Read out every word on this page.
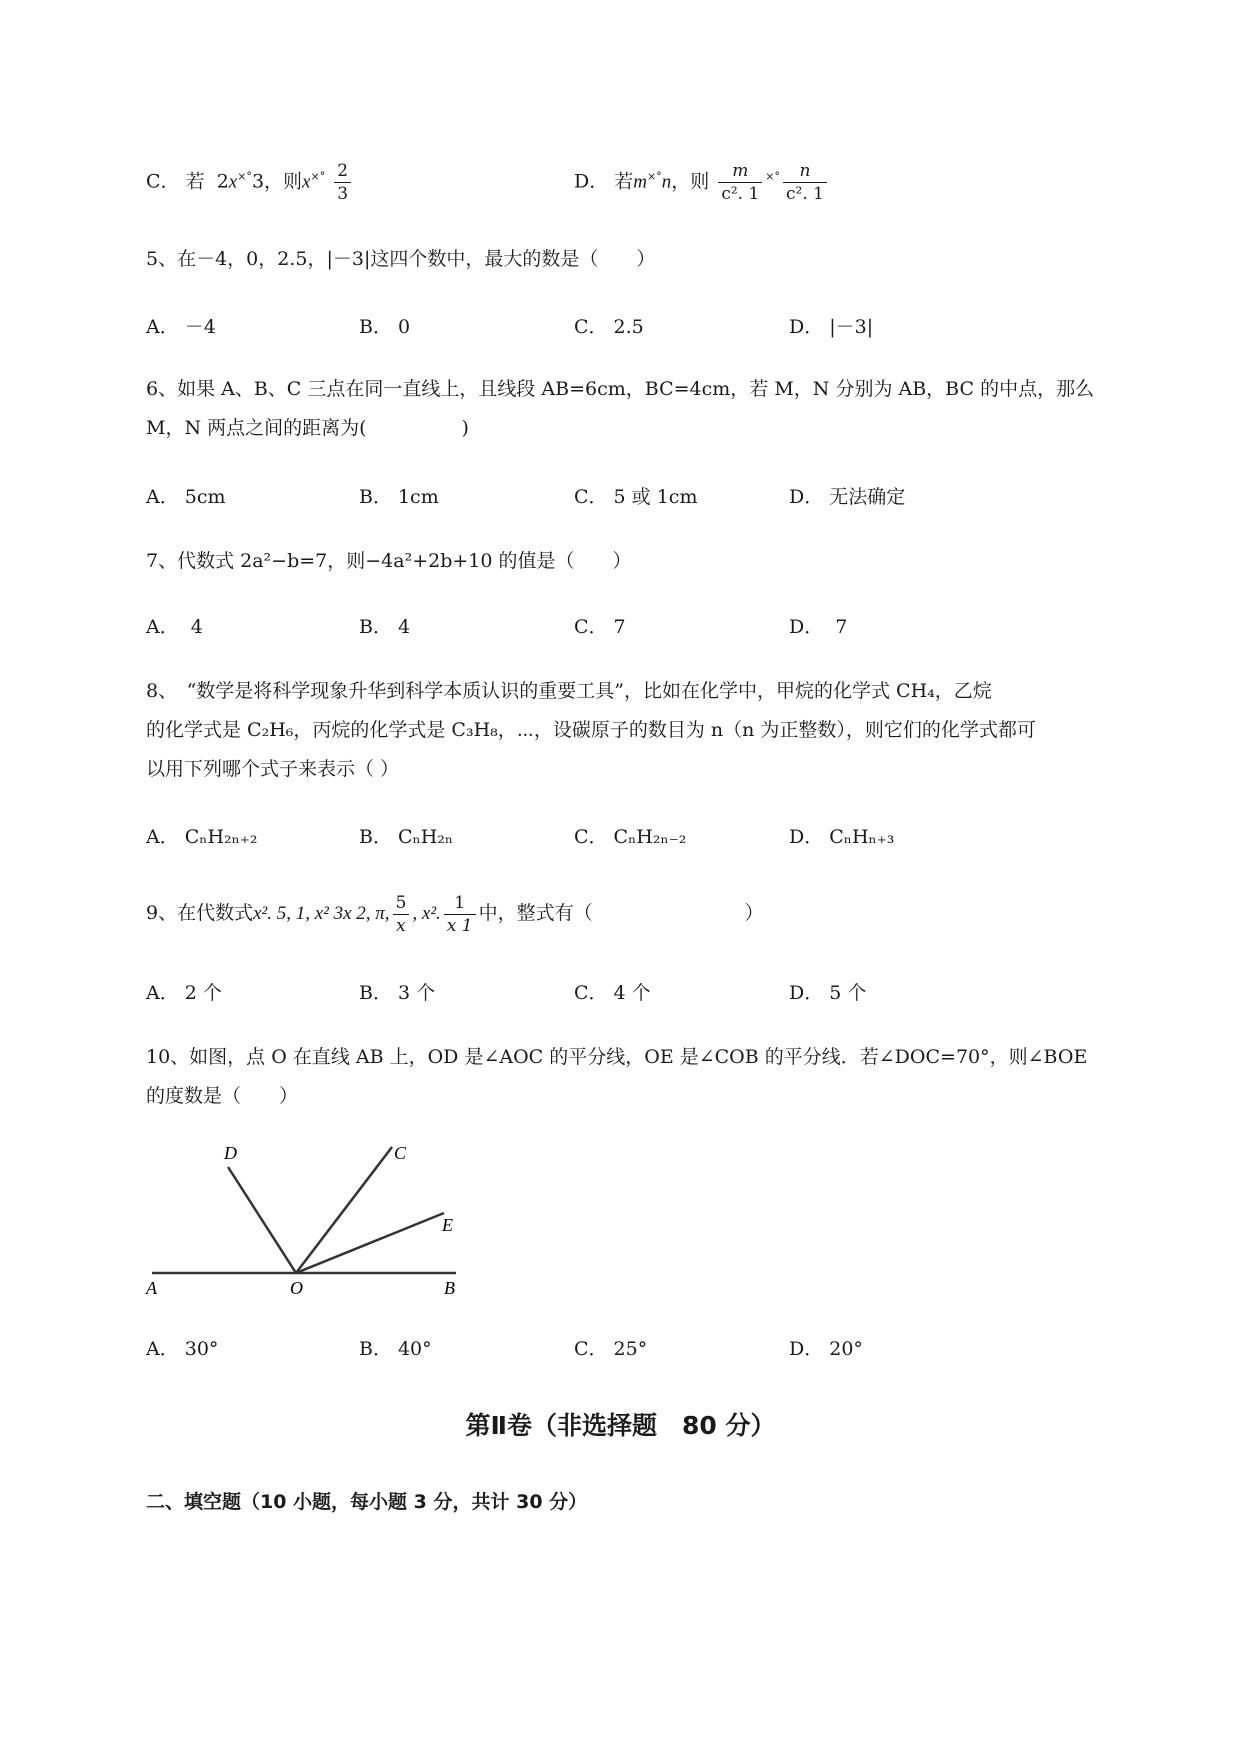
C． 若  2x×°3，则$x^{\times^\circ} \frac{2}{3}$	D． 若m×°n，则 $\frac{m}{\text{c². 1}} ^{\times^\circ} \frac{n}{\text{c². 1}}$
5、在－4，0，2.5，|－3|这四个数中，最大的数是（　　）
A． －4	B． 0	C． 2.5	D． |－3|
6、如果 A、B、C 三点在同一直线上，且线段 AB=6cm，BC=4cm，若 M，N 分别为 AB，BC 的中点，那么
M，N 两点之间的距离为(　　　　　)
A． 5cm	B． 1cm	C． 5 或 1cm	D． 无法确定
7、代数式 2a²−b=7，则−4a²+2b+10 的值是（　　）
A． 4	B． 4	C． 7	D． 7
8、　“数学是将科学现象升华到科学本质认识的重要工具”，比如在化学中，甲烷的化学式 CH₄，乙烷
的化学式是 C₂H₆，丙烷的化学式是 C₃H₈，⋯，设碳原子的数目为 n（n 为正整数），则它们的化学式都可
以用下列哪个式子来表示（ ）
A． CₙH₂ₙ₊₂	B． CₙH₂ₙ	C． CₙH₂ₙ₋₂	D． CₙHₙ₊₃
9、在代数式x². 5, 1, x² 3x 2, π, $\frac{5}{x}$ , x². $\frac{1}{x 1}$ 中，整式有（　　　　　　　　）
A． 2 个	B． 3 个	C． 4 个	D． 5 个
10、如图，点 O 在直线 AB 上，OD 是∠AOC 的平分线，OE 是∠COB 的平分线．若∠DOC=70°，则∠BOE
的度数是（　　）
D	C
E
A	O	B
A． 30°	B． 40°	C． 25°	D． 20°
第Ⅱ卷（非选择题　80 分）
二、填空题（10 小题，每小题 3 分，共计 30 分）
